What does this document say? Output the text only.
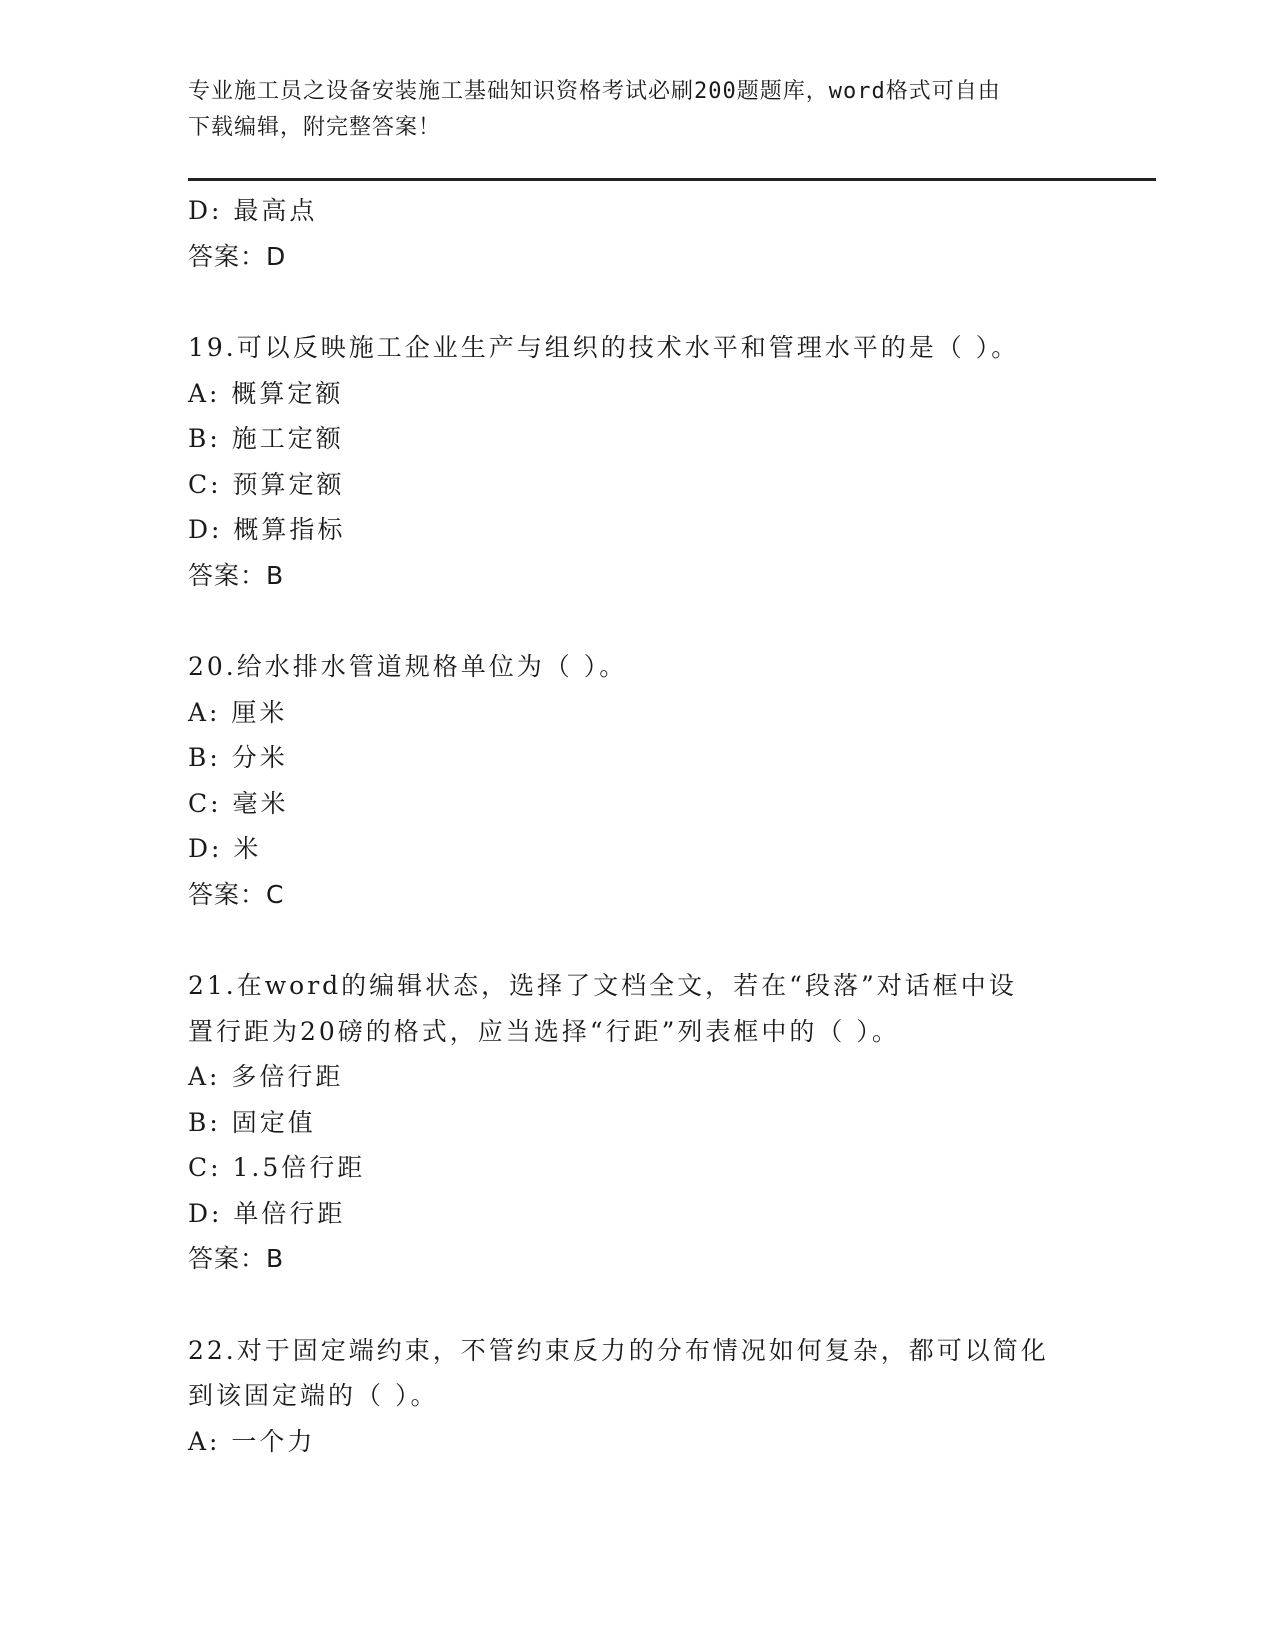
专业施工员之设备安装施工基础知识资格考试必刷200题题库，word格式可自由
下载编辑，附完整答案！
D: 最高点
答案：D
19.可以反映施工企业生产与组织的技术水平和管理水平的是（ ）。
A: 概算定额
B: 施工定额
C: 预算定额
D: 概算指标
答案：B
20.给水排水管道规格单位为（ ）。
A: 厘米
B: 分米
C: 毫米
D: 米
答案：C
21.在word的编辑状态，选择了文档全文，若在“段落”对话框中设
置行距为20磅的格式，应当选择“行距”列表框中的（ ）。
A: 多倍行距
B: 固定值
C: 1.5倍行距
D: 单倍行距
答案：B
22.对于固定端约束，不管约束反力的分布情况如何复杂，都可以简化
到该固定端的（ ）。
A: 一个力
